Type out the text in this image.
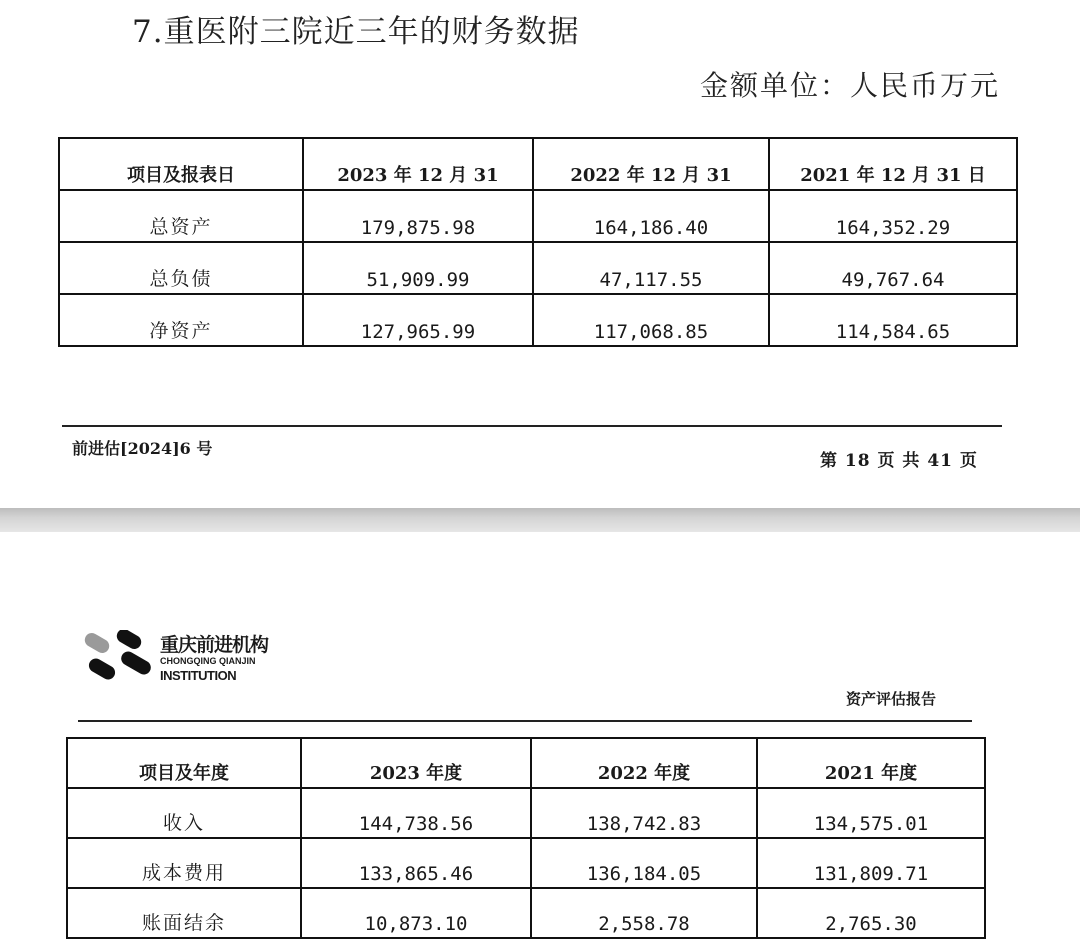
7.重医附三院近三年的财务数据
金额单位：人民币万元
项目及报表日	2023 年 12 月 31	2022 年 12 月 31	2021 年 12 月 31 日
总资产	179,875.98	164,186.40	164,352.29
总负债	51,909.99	47,117.55	49,767.64
净资产	127,965.99	117,068.85	114,584.65
前进估[2024]6 号
第 18 页 共 41 页
重庆前进机构
CHONGQING QIANJIN
INSTITUTION
资产评估报告
项目及年度	2023 年度	2022 年度	2021 年度
收入	144,738.56	138,742.83	134,575.01
成本费用	133,865.46	136,184.05	131,809.71
账面结余	10,873.10	2,558.78	2,765.30
